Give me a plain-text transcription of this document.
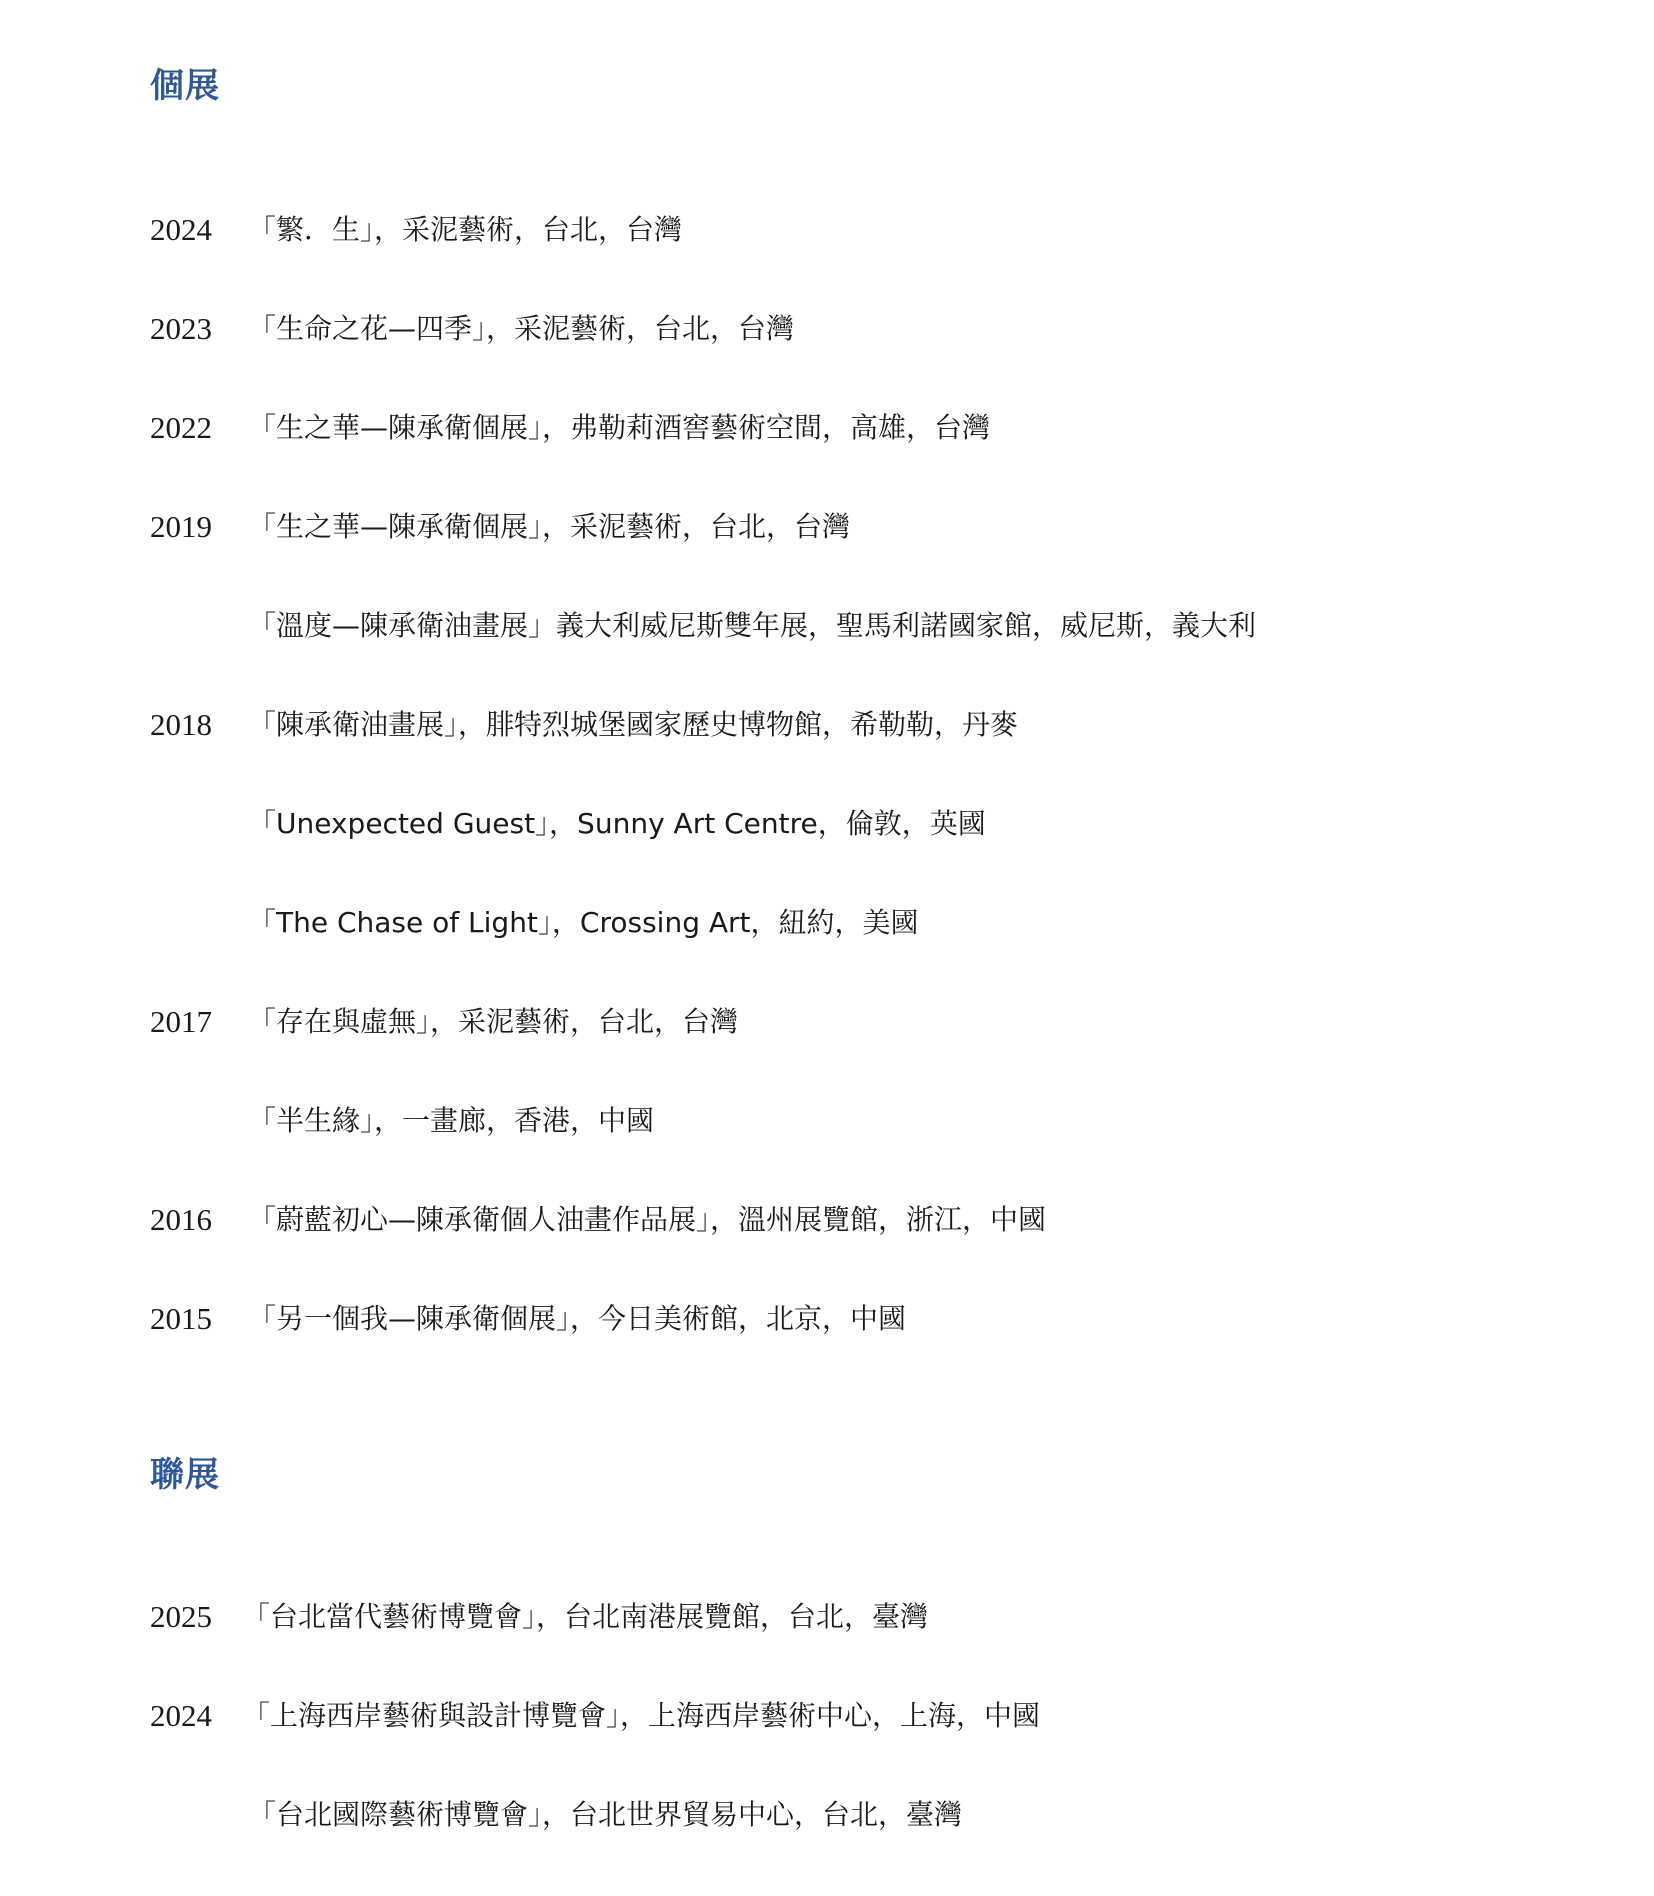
個展
2024	「繁．生」，采泥藝術，台北，台灣
2023	「生命之花—四季」，采泥藝術，台北，台灣
2022	「生之華—陳承衛個展」，弗勒莉酒窖藝術空間，高雄，台灣
2019	「生之華—陳承衛個展」，采泥藝術，台北，台灣
「溫度—陳承衛油畫展」義大利威尼斯雙年展，聖馬利諾國家館，威尼斯，義大利
2018	「陳承衛油畫展」，腓特烈城堡國家歷史博物館，希勒勒，丹麥
「Unexpected Guest」，Sunny Art Centre，倫敦，英國
「The Chase of Light」，Crossing Art，紐約，美國
2017	「存在與虛無」，采泥藝術，台北，台灣
「半生緣」，一畫廊，香港，中國
2016	「蔚藍初心—陳承衛個人油畫作品展」，溫州展覽館，浙江，中國
2015	「另一個我—陳承衛個展」，今日美術館，北京，中國
聯展
2025	「台北當代藝術博覽會」，台北南港展覽館，台北，臺灣
2024	「上海西岸藝術與設計博覽會」，上海西岸藝術中心，上海，中國
「台北國際藝術博覽會」，台北世界貿易中心，台北，臺灣
